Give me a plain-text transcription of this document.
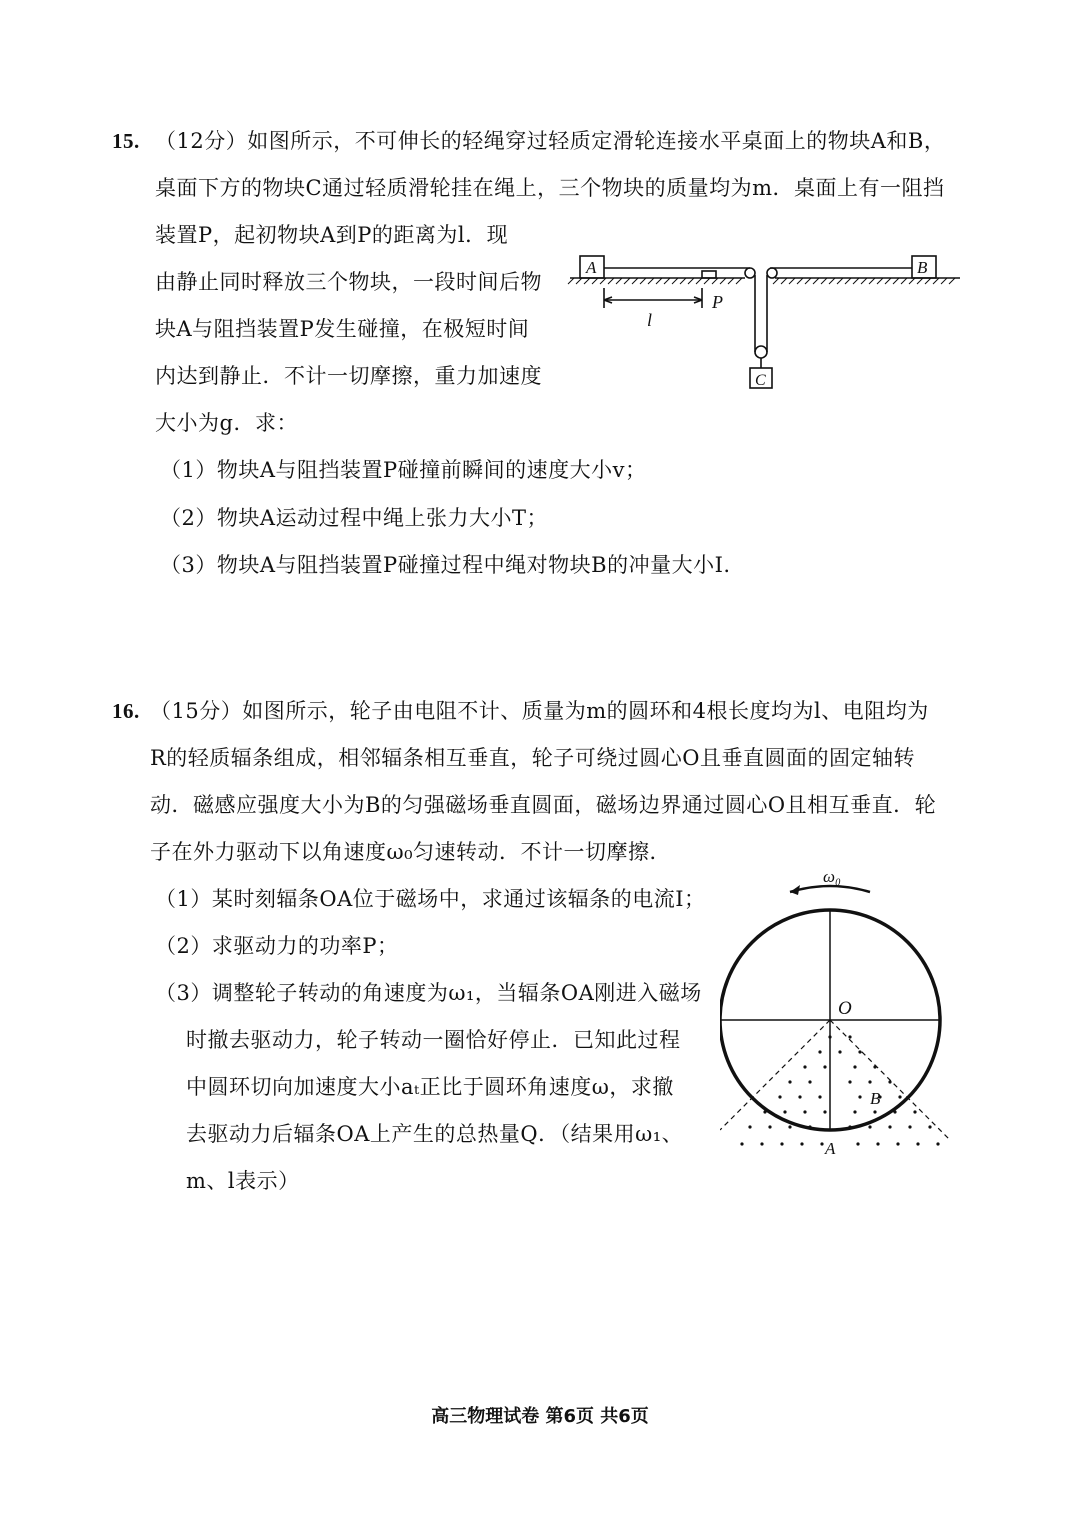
15. （12分）如图所示，不可伸长的轻绳穿过轻质定滑轮连接水平桌面上的物块A和B，
桌面下方的物块C通过轻质滑轮挂在绳上，三个物块的质量均为m．桌面上有一阻挡
装置P，起初物块A到P的距离为l．现
由静止同时释放三个物块，一段时间后物
块A与阻挡装置P发生碰撞，在极短时间
内达到静止．不计一切摩擦，重力加速度
大小为g．求：
（1）物块A与阻挡装置P碰撞前瞬间的速度大小v；
（2）物块A运动过程中绳上张力大小T；
（3）物块A与阻挡装置P碰撞过程中绳对物块B的冲量大小I.
A	B
C
P
l
16. （15分）如图所示，轮子由电阻不计、质量为m的圆环和4根长度均为l、电阻均为
R的轻质辐条组成，相邻辐条相互垂直，轮子可绕过圆心O且垂直圆面的固定轴转
动．磁感应强度大小为B的匀强磁场垂直圆面，磁场边界通过圆心O且相互垂直．轮
子在外力驱动下以角速度ω₀匀速转动．不计一切摩擦．
（1）某时刻辐条OA位于磁场中，求通过该辐条的电流I；
（2）求驱动力的功率P；
（3）调整轮子转动的角速度为ω₁，当辐条OA刚进入磁场
时撤去驱动力，轮子转动一圈恰好停止．已知此过程
中圆环切向加速度大小aₜ正比于圆环角速度ω，求撤
去驱动力后辐条OA上产生的总热量Q．（结果用ω₁、
m、l表示）
ω₀
O
B
A
高三物理试卷 第6页 共6页
